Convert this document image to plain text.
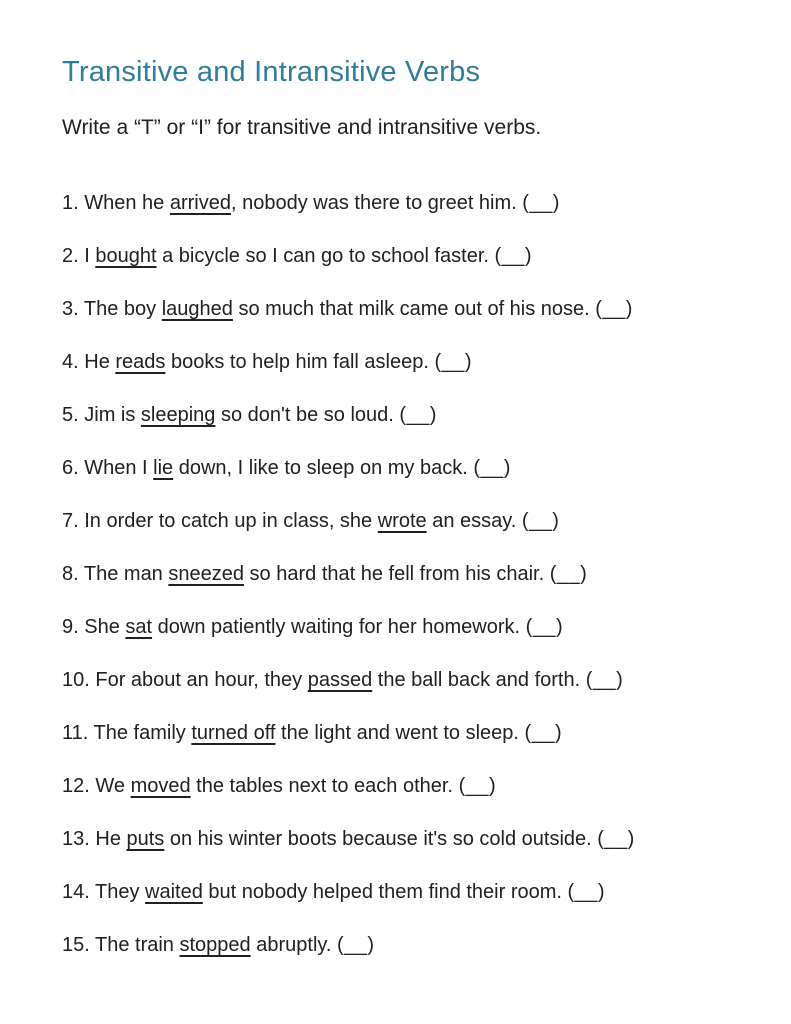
Transitive and Intransitive Verbs

Write a “T” or “I” for transitive and intransitive verbs.

1. When he arrived, nobody was there to greet him. (__)
2. I bought a bicycle so I can go to school faster. (__)
3. The boy laughed so much that milk came out of his nose. (__)
4. He reads books to help him fall asleep. (__)
5. Jim is sleeping so don't be so loud. (__)
6. When I lie down, I like to sleep on my back. (__)
7. In order to catch up in class, she wrote an essay. (__)
8. The man sneezed so hard that he fell from his chair. (__)
9. She sat down patiently waiting for her homework. (__)
10. For about an hour, they passed the ball back and forth. (__)
11. The family turned off the light and went to sleep. (__)
12. We moved the tables next to each other. (__)
13. He puts on his winter boots because it's so cold outside. (__)
14. They waited but nobody helped them find their room. (__)
15. The train stopped abruptly. (__)
